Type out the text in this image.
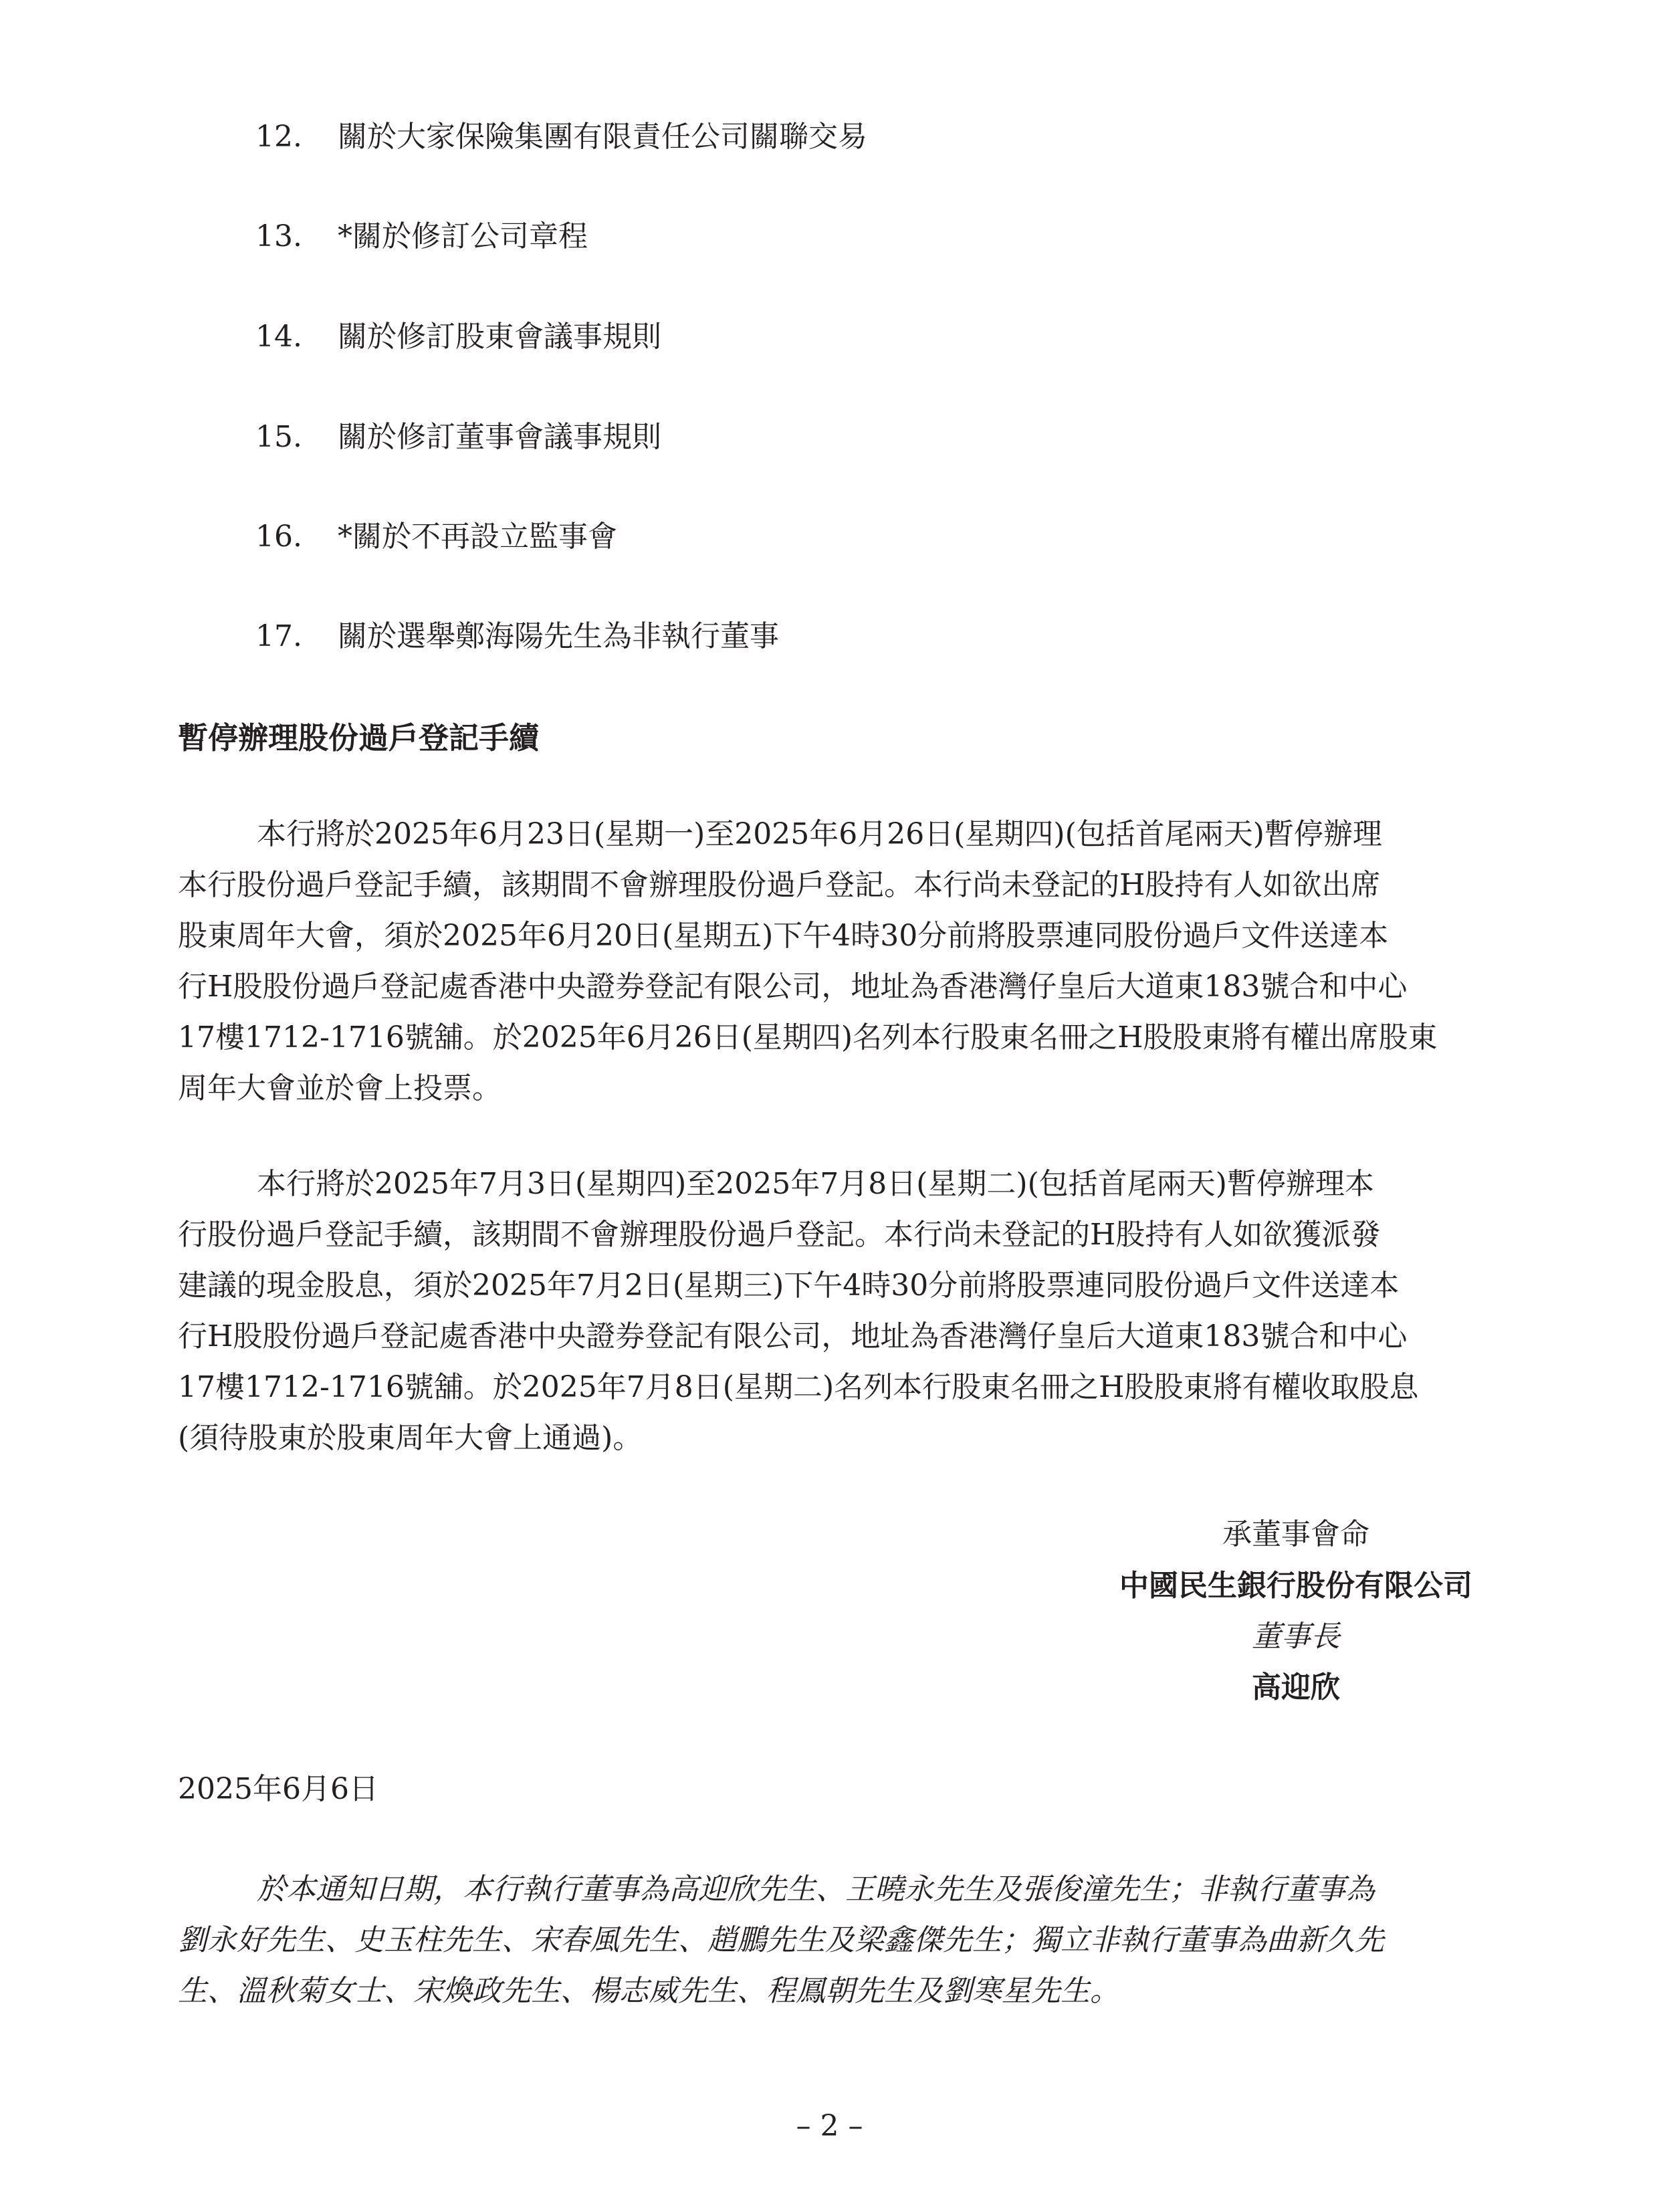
12. 關於大家保險集團有限責任公司關聯交易
13. *關於修訂公司章程
14. 關於修訂股東會議事規則
15. 關於修訂董事會議事規則
16. *關於不再設立監事會
17. 關於選舉鄭海陽先生為非執行董事
暫停辦理股份過戶登記手續
本行將於2025年6月23日(星期一)至2025年6月26日(星期四)(包括首尾兩天)暫停辦理
本行股份過戶登記手續，該期間不會辦理股份過戶登記。本行尚未登記的H股持有人如欲出席
股東周年大會，須於2025年6月20日(星期五)下午4時30分前將股票連同股份過戶文件送達本
行H股股份過戶登記處香港中央證券登記有限公司，地址為香港灣仔皇后大道東183號合和中心
17樓1712-1716號舖。於2025年6月26日(星期四)名列本行股東名冊之H股股東將有權出席股東
周年大會並於會上投票。
本行將於2025年7月3日(星期四)至2025年7月8日(星期二)(包括首尾兩天)暫停辦理本
行股份過戶登記手續，該期間不會辦理股份過戶登記。本行尚未登記的H股持有人如欲獲派發
建議的現金股息，須於2025年7月2日(星期三)下午4時30分前將股票連同股份過戶文件送達本
行H股股份過戶登記處香港中央證券登記有限公司，地址為香港灣仔皇后大道東183號合和中心
17樓1712-1716號舖。於2025年7月8日(星期二)名列本行股東名冊之H股股東將有權收取股息
(須待股東於股東周年大會上通過)。
承董事會命
中國民生銀行股份有限公司
董事長
高迎欣
2025年6月6日
於本通知日期，本行執行董事為高迎欣先生、王曉永先生及張俊潼先生；非執行董事為
劉永好先生、史玉柱先生、宋春風先生、趙鵬先生及梁鑫傑先生；獨立非執行董事為曲新久先
生、溫秋菊女士、宋煥政先生、楊志威先生、程鳳朝先生及劉寒星先生。
– 2 –
